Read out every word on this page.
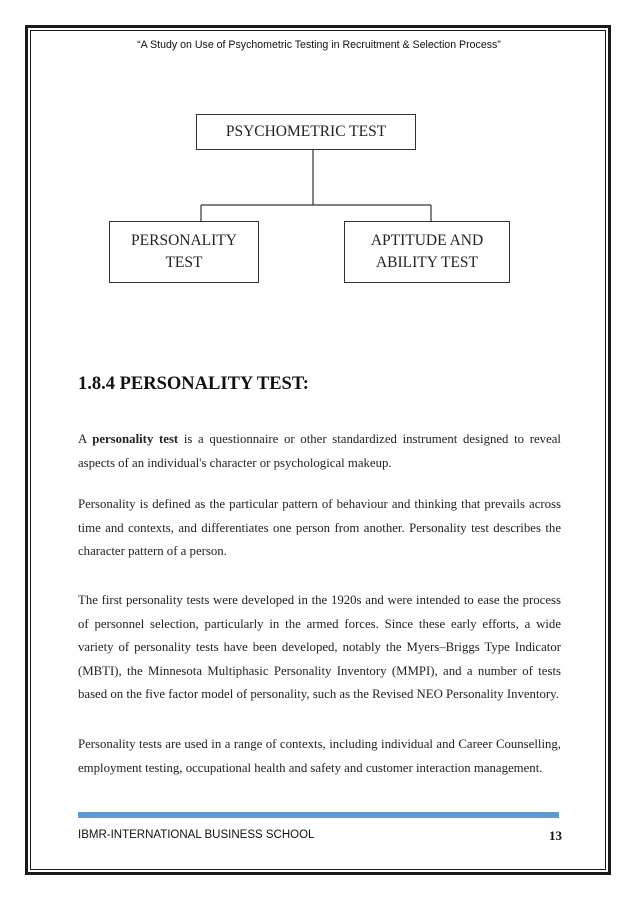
“A Study on Use of Psychometric Testing in Recruitment & Selection Process”
PSYCHOMETRIC TEST
PERSONALITY
TEST
APTITUDE AND
ABILITY TEST
1.8.4 PERSONALITY TEST:

A personality test is a questionnaire or other standardized instrument designed to reveal aspects of an individual's character or psychological makeup.

Personality is defined as the particular pattern of behaviour and thinking that prevails across time and contexts, and differentiates one person from another. Personality test describes the character pattern of a person.

The first personality tests were developed in the 1920s and were intended to ease the process of personnel selection, particularly in the armed forces. Since these early efforts, a wide variety of personality tests have been developed, notably the Myers–Briggs Type Indicator (MBTI), the Minnesota Multiphasic Personality Inventory (MMPI), and a number of tests based on the five factor model of personality, such as the Revised NEO Personality Inventory.

Personality tests are used in a range of contexts, including individual and Career Counselling, employment testing, occupational health and safety and customer interaction management.

IBMR-INTERNATIONAL BUSINESS SCHOOL	13
